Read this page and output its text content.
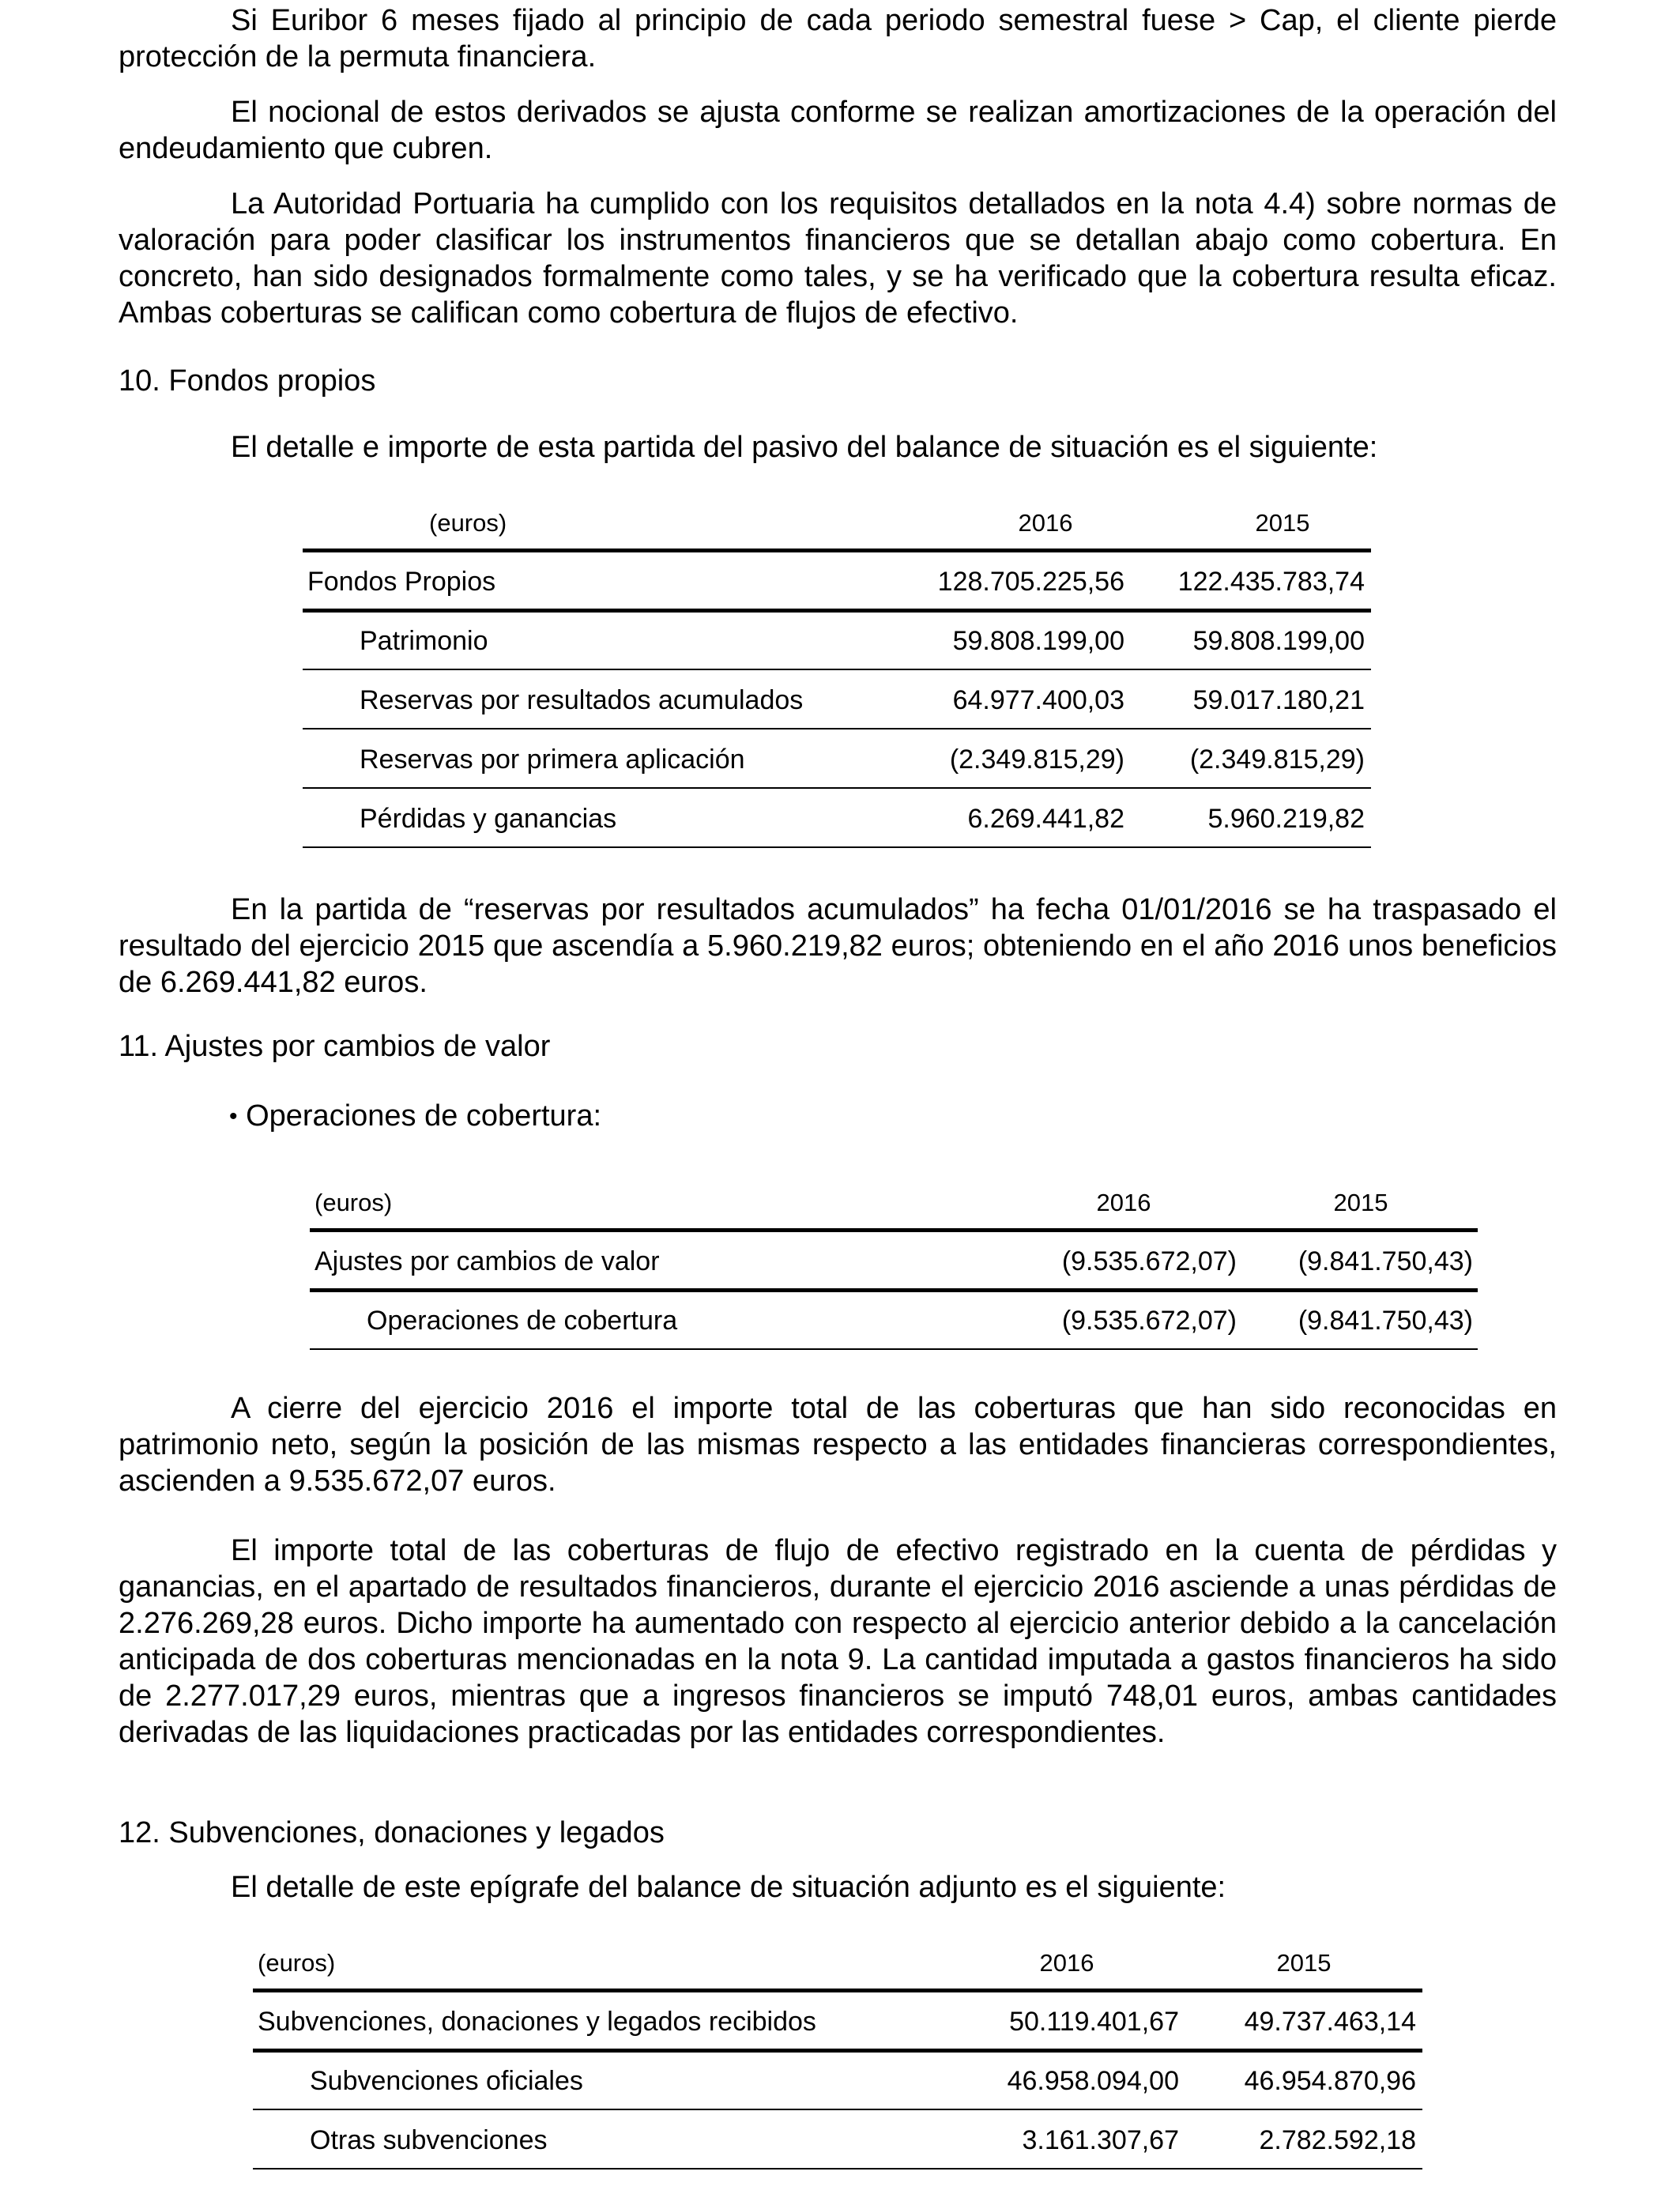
Si Euribor 6 meses fijado al principio de cada periodo semestral fuese > Cap, el cliente pierde protección de la permuta financiera.

El nocional de estos derivados se ajusta conforme se realizan amortizaciones de la operación del endeudamiento que cubren.

La Autoridad Portuaria ha cumplido con los requisitos detallados en la nota 4.4) sobre normas de valoración para poder clasificar los instrumentos financieros que se detallan abajo como cobertura. En concreto, han sido designados formalmente como tales, y se ha verificado que la cobertura resulta eficaz. Ambas coberturas se califican como cobertura de flujos de efectivo.

10. Fondos propios

El detalle e importe de esta partida del pasivo del balance de situación es el siguiente:

(euros)	2016	2015
Fondos Propios	128.705.225,56 122.435.783,74
Patrimonio	59.808.199,00	59.808.199,00
Reservas por resultados acumulados	64.977.400,03	59.017.180,21
Reservas por primera aplicación	(2.349.815,29) (2.349.815,29)
Pérdidas y ganancias	6.269.441,82	5.960.219,82

En la partida de “reservas por resultados acumulados” ha fecha 01/01/2016 se ha traspasado el resultado del ejercicio 2015 que ascendía a 5.960.219,82 euros; obteniendo en el año 2016 unos beneficios de 6.269.441,82 euros.

11. Ajustes por cambios de valor

• Operaciones de cobertura:
(euros)	2016	2015
Ajustes por cambios de valor	(9.535.672,07) (9.841.750,43)
Operaciones de cobertura	(9.535.672,07) (9.841.750,43)

A cierre del ejercicio 2016 el importe total de las coberturas que han sido reconocidas en patrimonio neto, según la posición de las mismas respecto a las entidades financieras correspondientes, ascienden a 9.535.672,07 euros.

El importe total de las coberturas de flujo de efectivo registrado en la cuenta de pérdidas y ganancias, en el apartado de resultados financieros, durante el ejercicio 2016 asciende a unas pérdidas de 2.276.269,28 euros. Dicho importe ha aumentado con respecto al ejercicio anterior debido a la cancelación anticipada de dos coberturas mencionadas en la nota 9. La cantidad imputada a gastos financieros ha sido de 2.277.017,29 euros, mientras que a ingresos financieros se imputó 748,01 euros, ambas cantidades derivadas de las liquidaciones practicadas por las entidades correspondientes.

12. Subvenciones, donaciones y legados

El detalle de este epígrafe del balance de situación adjunto es el siguiente:

(euros)	2016	2015
Subvenciones, donaciones y legados recibidos	50.119.401,67 49.737.463,14
Subvenciones oficiales	46.958.094,00 46.954.870,96
Otras subvenciones	3.161.307,67	2.782.592,18
